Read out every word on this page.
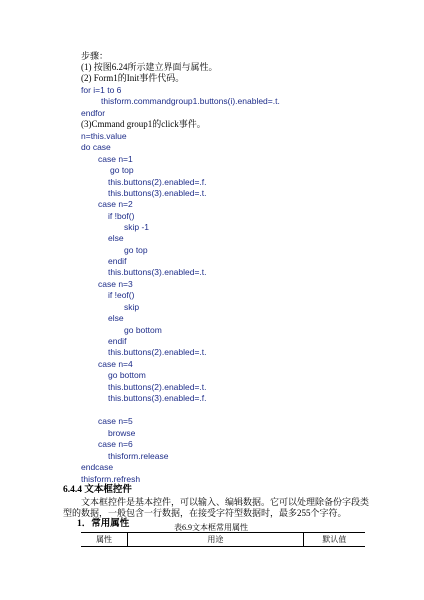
步骤：
(1) 按图6.24所示建立界面与属性。
(2) Form1的Init事件代码。
for i=1 to 6
thisform.commandgroup1.buttons(i).enabled=.t.
endfor
(3)Cmmand group1的click事件。
n=this.value
do case
case n=1
go top
this.buttons(2).enabled=.f.
this.buttons(3).enabled=.t.
case n=2
if !bof()
skip -1
else
go top
endif
this.buttons(3).enabled=.t.
case n=3
if !eof()
skip
else
go bottom
endif
this.buttons(2).enabled=.t.
case n=4
go bottom
this.buttons(2).enabled=.t.
this.buttons(3).enabled=.f.
case n=5
browse
case n=6
thisform.release
endcase
thisform.refresh
6.4.4 文本框控件
文本框控件是基本控件，可以输入、编辑数据。它可以处理除备份字段类
型的数据，一般包含一行数据，在接受字符型数据时，最多255个字符。
1．常用属性	表6.9文本框常用属性
属性	用途	默认值
